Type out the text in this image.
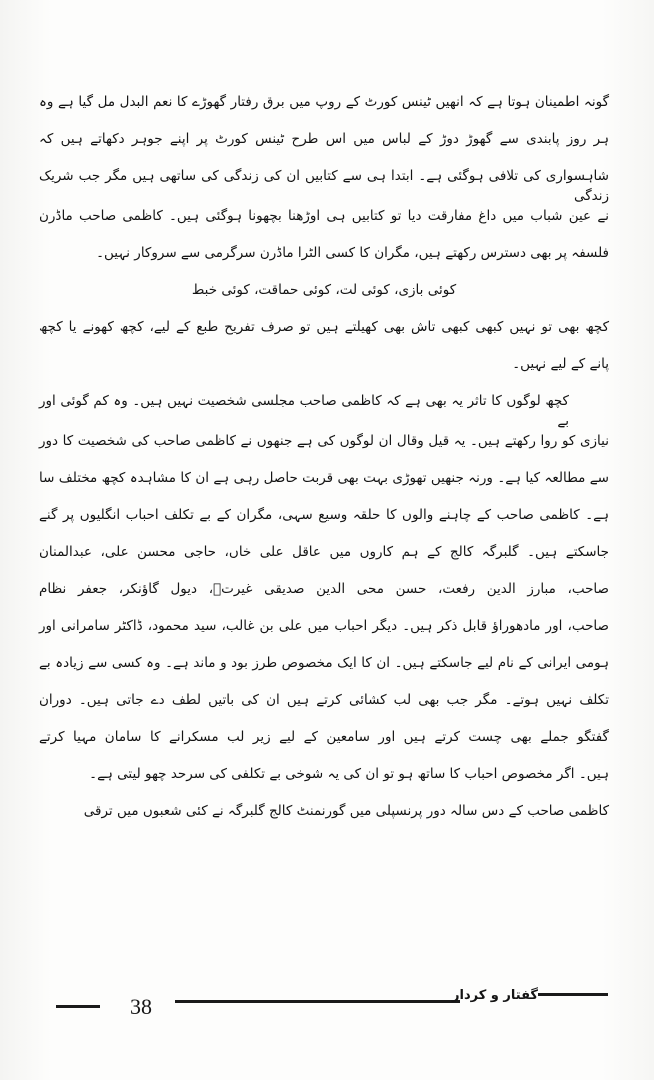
گونہ اطمینان ہوتا ہے کہ انھیں ٹینس کورٹ کے روپ میں برق رفتار گھوڑے کا نعم البدل مل گیا ہے وہ
ہر روز پابندی سے گھوڑ دوڑ کے لباس میں اس طرح ٹینس کورٹ پر اپنے جوہر دکھاتے ہیں کہ
شاہسواری کی تلافی ہوگئی ہے۔ ابتدا ہی سے کتابیں ان کی زندگی کی ساتھی ہیں مگر جب شریک زندگی
نے عین شباب میں داغ مفارقت دیا تو کتابیں ہی اوڑھنا بچھونا ہوگئی ہیں۔ کاظمی صاحب ماڈرن
فلسفہ پر بھی دسترس رکھتے ہیں، مگران کا کسی الٹرا ماڈرن سرگرمی سے سروکار نہیں۔
کوئی بازی، کوئی لت، کوئی حماقت، کوئی خبط
کچھ بھی تو نہیں کبھی کبھی تاش بھی کھیلتے ہیں تو صرف تفریح طبع کے لیے، کچھ کھونے یا کچھ
پانے کے لیے نہیں۔
کچھ لوگوں کا تاثر یہ بھی ہے کہ کاظمی صاحب مجلسی شخصیت نہیں ہیں۔ وہ کم گوئی اور بے
نیازی کو روا رکھتے ہیں۔ یہ قیل وقال ان لوگوں کی ہے جنھوں نے کاظمی صاحب کی شخصیت کا دور
سے مطالعہ کیا ہے۔ ورنہ جنھیں تھوڑی بہت بھی قربت حاصل رہی ہے ان کا مشاہدہ کچھ مختلف سا
ہے۔ کاظمی صاحب کے چاہنے والوں کا حلقہ وسیع سہی، مگران کے بے تکلف احباب انگلیوں پر گنے
جاسکتے ہیں۔ گلبرگہ کالج کے ہم کاروں میں عاقل علی خاں، حاجی محسن علی، عبدالمنان
صاحب، مبارز الدین رفعت، حسن محی الدین صدیقی غیرتؔ، دیول گاؤنکر، جعفر نظام
صاحب، اور مادھوراؤ قابل ذکر ہیں۔ دیگر احباب میں علی بن غالب، سید محمود، ڈاکٹر سامرانی اور
ہومی ایرانی کے نام لیے جاسکتے ہیں۔ ان کا ایک مخصوص طرز بود و ماند ہے۔ وہ کسی سے زیادہ بے
تکلف نہیں ہوتے۔ مگر جب بھی لب کشائی کرتے ہیں ان کی باتیں لطف دے جاتی ہیں۔ دوران
گفتگو جملے بھی چست کرتے ہیں اور سامعین کے لیے زیر لب مسکرانے کا سامان مہیا کرتے
ہیں۔ اگر مخصوص احباب کا ساتھ ہو تو ان کی یہ شوخی بے تکلفی کی سرحد چھو لیتی ہے۔
کاظمی صاحب کے دس سالہ دور پرنسپلی میں گورنمنٹ کالج گلبرگہ نے کئی شعبوں میں ترقی
38	گفتار و کردار
